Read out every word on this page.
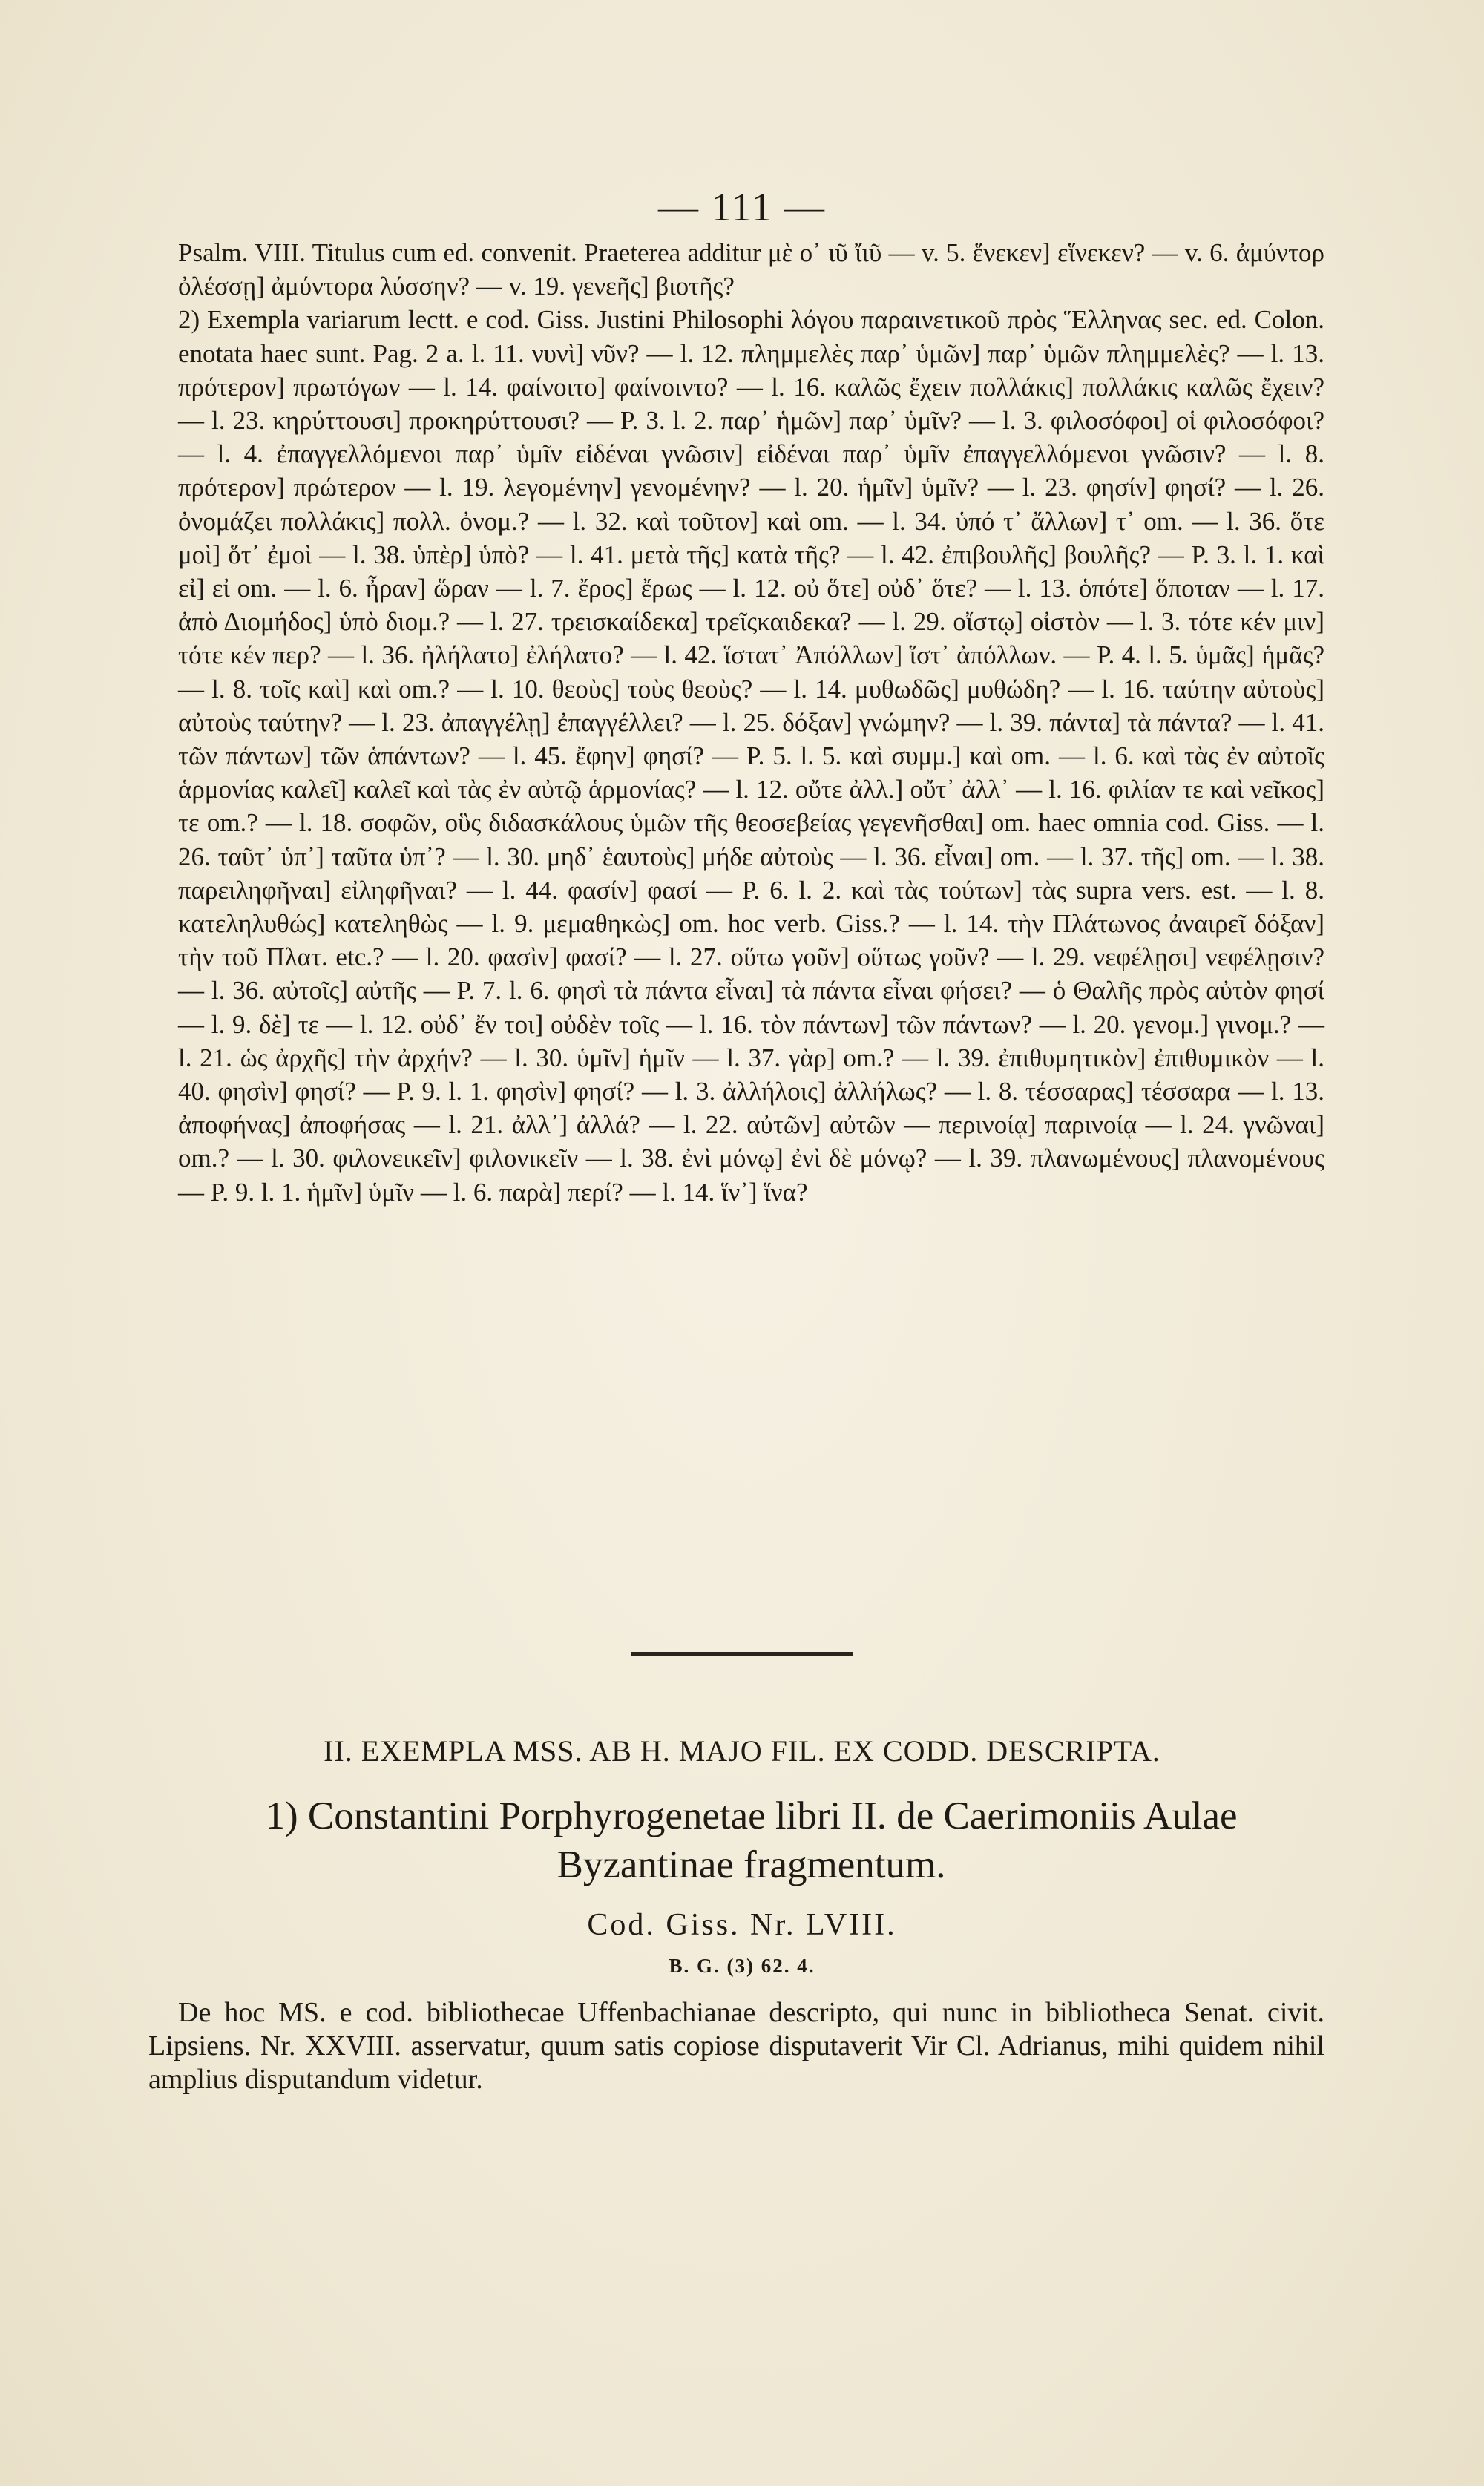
— 111 —

Psalm. VIII. Titulus cum ed. convenit. Praeterea additur μὲ ο᾽ ιῦ ἴιῦ — v. 5. ἕνεκεν] εἵνεκεν? — v. 6. ἀμύντορ ὀλέσσῃ] ἀμύντορα λύσσην? — v. 19. γενεῆς] βιοτῆς?

2) Exempla variarum lectt. e cod. Giss. Justini Philosophi λόγου παραινετικοῦ πρὸς Ἕλληνας sec. ed. Colon. enotata haec sunt. Pag. 2 a. l. 11. νυνὶ] νῦν? — l. 12. πλημμελὲς παρ᾽ ὑμῶν] παρ᾽ ὑμῶν πλημμελὲς? — l. 13. πρότερον] πρωτόγων — l. 14. φαίνοιτο] φαίνοιντο? — l. 16. καλῶς ἔχειν πολλάκις] πολλάκις καλῶς ἔχειν? — l. 23. κηρύττουσι] προκηρύττουσι? — P. 3. l. 2. παρ᾽ ἡμῶν] παρ᾽ ὑμῖν? — l. 3. φιλοσόφοι] οἱ φιλοσόφοι? — l. 4. ἐπαγγελλόμενοι παρ᾽ ὑμῖν εἰδέναι γνῶσιν] εἰδέναι παρ᾽ ὑμῖν ἐπαγγελλόμενοι γνῶσιν? — l. 8. πρότερον] πρώτερον — l. 19. λεγομένην] γενομένην? — l. 20. ἡμῖν] ὑμῖν? — l. 23. φησίν] φησί? — l. 26. ὀνομάζει πολλάκις] πολλ. ὀνομ.? — l. 32. καὶ τοῦτον] καὶ om. — l. 34. ὑπό τ᾽ ἄλλων] τ᾽ om. — l. 36. ὅτε μοὶ] ὅτ᾽ ἐμοὶ — l. 38. ὑπὲρ] ὑπὸ? — l. 41. μετὰ τῆς] κατὰ τῆς? — l. 42. ἐπιβουλῆς] βουλῆς? — P. 3. l. 1. καὶ εἰ] εἰ om. — l. 6. ἦραν] ὥραν — l. 7. ἔρος] ἔρως — l. 12. οὐ ὅτε] οὐδ᾽ ὅτε? — l. 13. ὁπότε] ὅποταν — l. 17. ἀπὸ Διομήδος] ὑπὸ διομ.? — l. 27. τρεισκαίδεκα] τρεῖςκαιδεκα? — l. 29. οἴστῳ] οἰστὸν — l. 3. τότε κέν μιν] τότε κέν περ? — l. 36. ἠλήλατο] ἐλήλατο? — l. 42. ἵστατ᾽ Ἀπόλλων] ἵστ᾽ ἀπόλλων. — P. 4. l. 5. ὑμᾶς] ἡμᾶς? — l. 8. τοῖς καὶ] καὶ om.? — l. 10. θεοὺς] τοὺς θεοὺς? — l. 14. μυθωδῶς] μυθώδη? — l. 16. ταύτην αὐτοὺς] αὐτοὺς ταύτην? — l. 23. ἀπαγγέλῃ] ἐπαγγέλλει? — l. 25. δόξαν] γνώμην? — l. 39. πάντα] τὰ πάντα? — l. 41. τῶν πάντων] τῶν ἁπάντων? — l. 45. ἔφην] φησί? — P. 5. l. 5. καὶ συμμ.] καὶ om. — l. 6. καὶ τὰς ἐν αὐτοῖς ἁρμονίας καλεῖ] καλεῖ καὶ τὰς ἐν αὐτῷ ἁρμονίας? — l. 12. οὔτε ἀλλ.] οὔτ᾽ ἀλλ᾽ — l. 16. φιλίαν τε καὶ νεῖκος] τε om.? — l. 18. σοφῶν, οὓς διδασκάλους ὑμῶν τῆς θεοσεβείας γεγενῆσθαι] om. haec omnia cod. Giss. — l. 26. ταῦτ᾽ ὑπ᾽] ταῦτα ὑπ᾽? — l. 30. μηδ᾽ ἑαυτοὺς] μήδε αὐτοὺς — l. 36. εἶναι] om. — l. 37. τῆς] om. — l. 38. παρειληφῆναι] εἰληφῆναι? — l. 44. φασίν] φασί — P. 6. l. 2. καὶ τὰς τούτων] τὰς supra vers. est. — l. 8. κατεληλυθώς] κατεληθὼς — l. 9. μεμαθηκὼς] om. hoc verb. Giss.? — l. 14. τὴν Πλάτωνος ἀναιρεῖ δόξαν] τὴν τοῦ Πλατ. etc.? — l. 20. φασὶν] φασί? — l. 27. οὕτω γοῦν] οὕτως γοῦν? — l. 29. νεφέλῃσι] νεφέλῃσιν? — l. 36. αὐτοῖς] αὐτῆς — P. 7. l. 6. φησὶ τὰ πάντα εἶναι] τὰ πάντα εἶναι φήσει? — ὁ Θαλῆς πρὸς αὐτὸν φησί — l. 9. δὲ] τε — l. 12. οὐδ᾽ ἔν τοι] οὐδὲν τοῖς — l. 16. τὸν πάντων] τῶν πάντων? — l. 20. γενομ.] γινομ.? — l. 21. ὡς ἀρχῆς] τὴν ἀρχήν? — l. 30. ὑμῖν] ἡμῖν — l. 37. γὰρ] om.? — l. 39. ἐπιθυμητικὸν] ἐπιθυμικὸν — l. 40. φησὶν] φησί? — P. 9. l. 1. φησὶν] φησί? — l. 3. ἀλλήλοις] ἀλλήλως? — l. 8. τέσσαρας] τέσσαρα — l. 13. ἀποφήνας] ἀποφήσας — l. 21. ἀλλ᾽] ἀλλά? — l. 22. αὐτῶν] αὐτῶν — περινοίᾳ] παρινοίᾳ — l. 24. γνῶναι] om.? — l. 30. φιλονεικεῖν] φιλονικεῖν — l. 38. ἐνὶ μόνῳ] ἐνὶ δὲ μόνῳ? — l. 39. πλανωμένους] πλανομένους — P. 9. l. 1. ἡμῖν] ὑμῖν — l. 6. παρὰ] περί? — l. 14. ἵν᾽] ἵνα?

II. EXEMPLA MSS. AB H. MAJO FIL. EX CODD. DESCRIPTA.
1) Constantini Porphyrogenetae libri II. de Caerimoniis Aulae Byzantinae fragmentum.
Cod. Giss. Nr. LVIII.
B. G. (3) 62. 4.
De hoc MS. e cod. bibliothecae Uffenbachianae descripto, qui nunc in bibliotheca Senat. civit. Lipsiens. Nr. XXVIII. asservatur, quum satis copiose disputaverit Vir Cl. Adrianus, mihi quidem nihil amplius disputandum videtur.
